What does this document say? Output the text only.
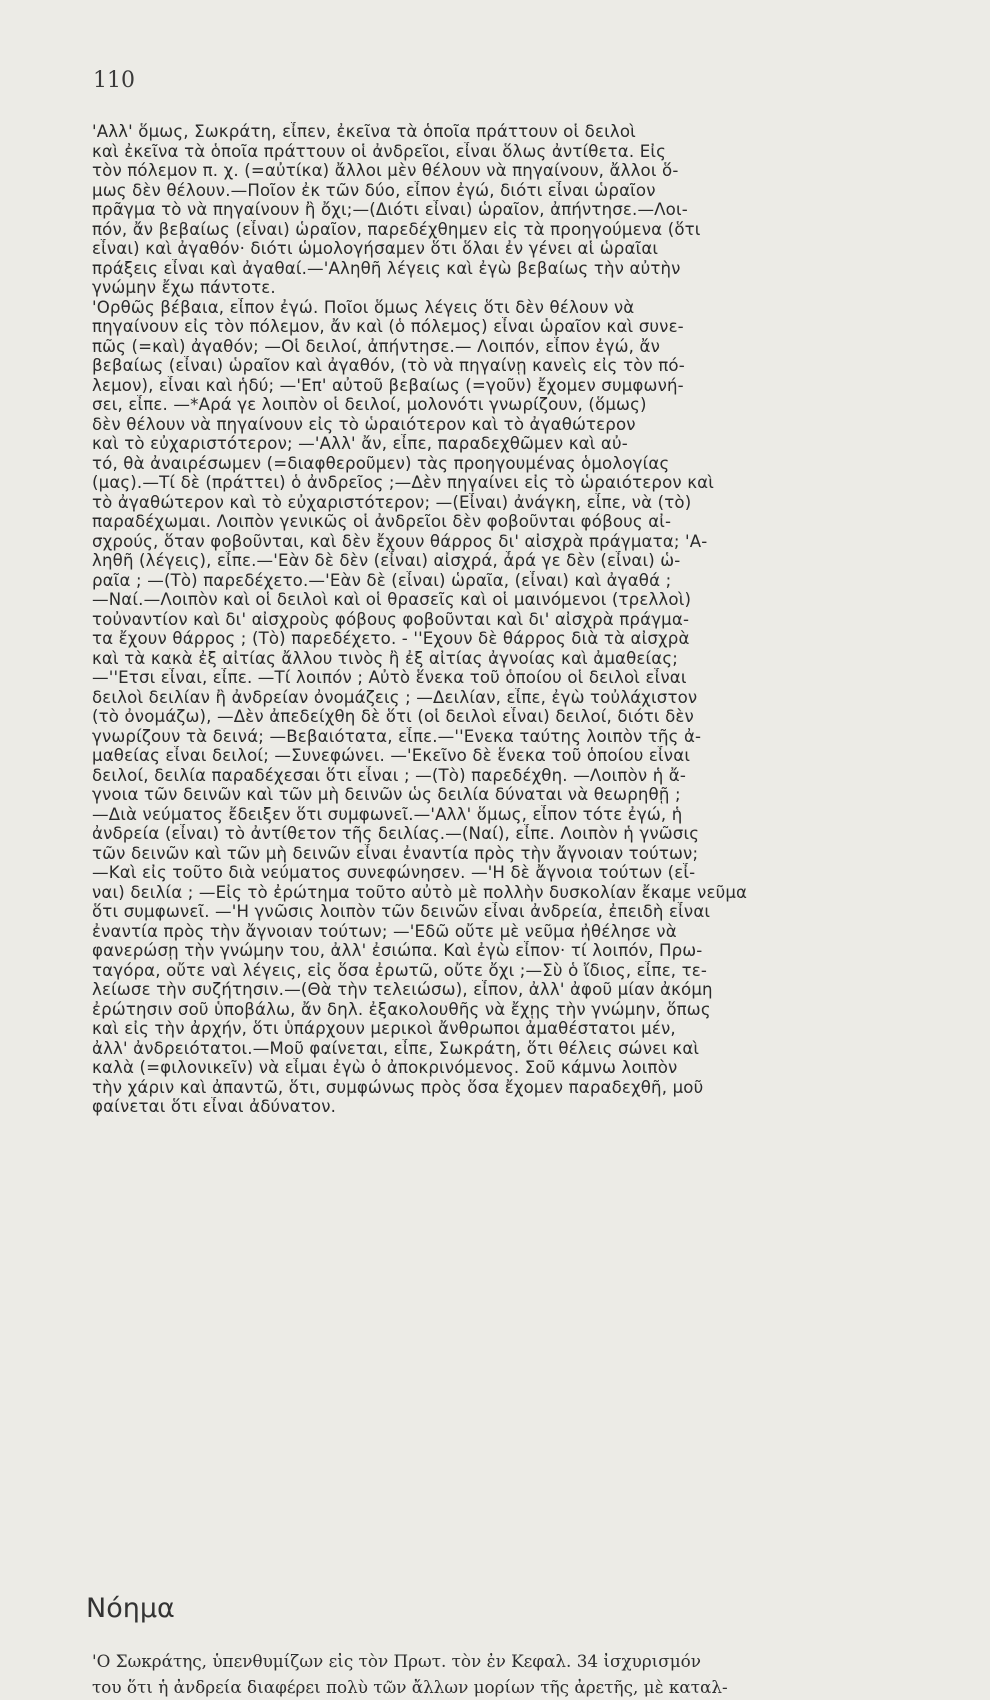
110
'Αλλ' ὅμως, Σωκράτη, εἶπεν, ἐκεῖνα τὰ ὁποῖα πράττουν οἱ δειλοὶ
καὶ ἐκεῖνα τὰ ὁποῖα πράττουν οἱ ἀνδρεῖοι, εἶναι ὅλως ἀντίθετα. Εἰς
τὸν πόλεμον π. χ. (=αὐτίκα) ἄλλοι μὲν θέλουν νὰ πηγαίνουν, ἄλλοι ὅ-
μως δὲν θέλουν.—Ποῖον ἐκ τῶν δύο, εἶπον ἐγώ, διότι εἶναι ὡραῖον
πρᾶγμα τὸ νὰ πηγαίνουν ἢ ὄχι;—(Διότι εἶναι) ὡραῖον, ἀπήντησε.—Λοι-
πόν, ἄν βεβαίως (εἶναι) ὡραῖον, παρεδέχθημεν εἰς τὰ προηγούμενα (ὅτι
εἶναι) καὶ ἀγαθόν· διότι ὡμολογήσαμεν ὅτι ὅλαι ἐν γένει αἱ ὡραῖαι
πράξεις εἶναι καὶ ἀγαθαί.—'Αληθῆ λέγεις καὶ ἐγὼ βεβαίως τὴν αὐτὴν
γνώμην ἔχω πάντοτε.
'Ορθῶς βέβαια, εἶπον ἐγώ. Ποῖοι ὅμως λέγεις ὅτι δὲν θέλουν νὰ
πηγαίνουν εἰς τὸν πόλεμον, ἄν καὶ (ὁ πόλεμος) εἶναι ὡραῖον καὶ συνε-
πῶς (=καὶ) ἀγαθόν; —Οἱ δειλοί, ἀπήντησε.— Λοιπόν, εἶπον ἐγώ, ἄν
βεβαίως (εἶναι) ὡραῖον καὶ ἀγαθόν, (τὸ νὰ πηγαίνῃ κανεὶς εἰς τὸν πό-
λεμον), εἶναι καὶ ἡδύ; —'Επ' αὐτοῦ βεβαίως (=γοῦν) ἔχομεν συμφωνή-
σει, εἶπε. —*Αρά γε λοιπὸν οἱ δειλοί, μολονότι γνωρίζουν, (ὅμως)
δὲν θέλουν νὰ πηγαίνουν εἰς τὸ ὡραιότερον καὶ τὸ ἀγαθώτερον
καὶ τὸ εὐχαριστότερον; —'Αλλ' ἄν, εἶπε, παραδεχθῶμεν καὶ αὐ-
τό, θὰ ἀναιρέσωμεν (=διαφθεροῦμεν) τὰς προηγουμένας ὁμολογίας
(μας).—Τί δὲ (πράττει) ὁ ἀνδρεῖος ;—Δὲν πηγαίνει εἰς τὸ ὡραιότερον καὶ
τὸ ἀγαθώτερον καὶ τὸ εὐχαριστότερον; —(Εἶναι) ἀνάγκη, εἶπε, νὰ (τὸ)
παραδέχωμαι. Λοιπὸν γενικῶς οἱ ἀνδρεῖοι δὲν φοβοῦνται φόβους αἰ-
σχρούς, ὅταν φοβοῦνται, καὶ δὲν ἔχουν θάρρος δι' αἰσχρὰ πράγματα; 'Α-
ληθῆ (λέγεις), εἶπε.—'Εὰν δὲ δὲν (εἶναι) αἰσχρά, ἆρά γε δὲν (εἶναι) ὡ-
ραῖα ; —(Τὸ) παρεδέχετο.—'Εὰν δὲ (εἶναι) ὡραῖα, (εἶναι) καὶ ἀγαθά ;
—Ναί.—Λοιπὸν καὶ οἱ δειλοὶ καὶ οἱ θρασεῖς καὶ οἱ μαινόμενοι (τρελλοὶ)
τοὐναντίον καὶ δι' αἰσχροὺς φόβους φοβοῦνται καὶ δι' αἰσχρὰ πράγμα-
τα ἔχουν θάρρος ; (Τὸ) παρεδέχετο. - ''Εχουν δὲ θάρρος διὰ τὰ αἰσχρὰ
καὶ τὰ κακὰ ἐξ αἰτίας ἄλλου τινὸς ἢ ἐξ αἰτίας ἀγνοίας καὶ ἀμαθείας;
—''Ετσι εἶναι, εἶπε. —Τί λοιπόν ; Αὐτὸ ἕνεκα τοῦ ὁποίου οἱ δειλοὶ εἶναι
δειλοὶ δειλίαν ἢ ἀνδρείαν ὀνομάζεις ; —Δειλίαν, εἶπε, ἐγὼ τοὐλάχιστον
(τὸ ὀνομάζω), —Δὲν ἀπεδείχθη δὲ ὅτι (οἱ δειλοὶ εἶναι) δειλοί, διότι δὲν
γνωρίζουν τὰ δεινά; —Βεβαιότατα, εἶπε.—''Ενεκα ταύτης λοιπὸν τῆς ἀ-
μαθείας εἶναι δειλοί; —Συνεφώνει. —'Εκεῖνο δὲ ἕνεκα τοῦ ὁποίου εἶναι
δειλοί, δειλία παραδέχεσαι ὅτι εἶναι ; —(Τὸ) παρεδέχθη. —Λοιπὸν ἡ ἄ-
γνοια τῶν δεινῶν καὶ τῶν μὴ δεινῶν ὡς δειλία δύναται νὰ θεωρηθῇ ;
—Διὰ νεύματος ἔδειξεν ὅτι συμφωνεῖ.—'Αλλ' ὅμως, εἶπον τότε ἐγώ, ἡ
ἀνδρεία (εἶναι) τὸ ἀντίθετον τῆς δειλίας.—(Ναί), εἶπε. Λοιπὸν ἡ γνῶσις
τῶν δεινῶν καὶ τῶν μὴ δεινῶν εἶναι ἐναντία πρὸς τὴν ἄγνοιαν τούτων;
—Καὶ εἰς τοῦτο διὰ νεύματος συνεφώνησεν. —'Η δὲ ἄγνοια τούτων (εἶ-
ναι) δειλία ; —Εἰς τὸ ἐρώτημα τοῦτο αὐτὸ μὲ πολλὴν δυσκολίαν ἔκαμε νεῦμα
ὅτι συμφωνεῖ. —'Η γνῶσις λοιπὸν τῶν δεινῶν εἶναι ἀνδρεία, ἐπειδὴ εἶναι
ἐναντία πρὸς τὴν ἄγνοιαν τούτων; —'Εδῶ οὔτε μὲ νεῦμα ἠθέλησε νὰ
φανερώσῃ τὴν γνώμην του, ἀλλ' ἐσιώπα. Καὶ ἐγὼ εἶπον· τί λοιπόν, Πρω-
ταγόρα, οὔτε ναὶ λέγεις, εἰς ὅσα ἐρωτῶ, οὔτε ὄχι ;—Σὺ ὁ ἴδιος, εἶπε, τε-
λείωσε τὴν συζήτησιν.—(Θὰ τὴν τελειώσω), εἶπον, ἀλλ' ἀφοῦ μίαν ἀκόμη
ἐρώτησιν σοῦ ὑποβάλω, ἄν δηλ. ἐξακολουθῆς νὰ ἔχῃς τὴν γνώμην, ὅπως
καὶ εἰς τὴν ἀρχήν, ὅτι ὑπάρχουν μερικοὶ ἄνθρωποι ἀμαθέστατοι μέν,
ἀλλ' ἀνδρειότατοι.—Μοῦ φαίνεται, εἶπε, Σωκράτη, ὅτι θέλεις σώνει καὶ
καλὰ (=φιλονικεῖν) νὰ εἶμαι ἐγὼ ὁ ἀποκρινόμενος. Σοῦ κάμνω λοιπὸν
τὴν χάριν καὶ ἀπαντῶ, ὅτι, συμφώνως πρὸς ὅσα ἔχομεν παραδεχθῆ, μοῦ
φαίνεται ὅτι εἶναι ἀδύνατον.
Νόημα
'Ο Σωκράτης, ὑπενθυμίζων εἰς τὸν Πρωτ. τὸν ἐν Κεφαλ. 34 ἰσχυρισμόν
του ὅτι ἡ ἀνδρεία διαφέρει πολὺ τῶν ἄλλων μορίων τῆς ἀρετῆς, μὲ καταλ-
